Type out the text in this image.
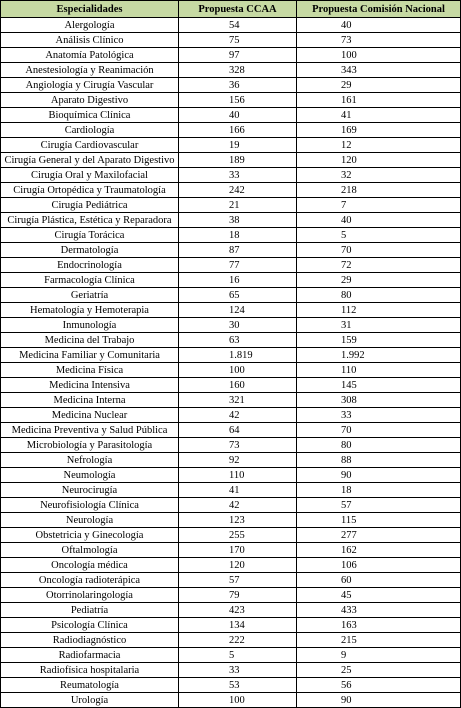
Especialidades	Propuesta CCAA	Propuesta Comisión Nacional
Alergología	54	40
Análisis Clínico	75	73
Anatomía Patológica	97	100
Anestesiología y Reanimación	328	343
Angiología y Cirugía Vascular	36	29
Aparato Digestivo	156	161
Bioquímica Clínica	40	41
Cardiología	166	169
Cirugía Cardiovascular	19	12
Cirugía General y del Aparato Digestivo	189	120
Cirugía Oral y Maxilofacial	33	32
Cirugía Ortopédica y Traumatología	242	218
Cirugía Pediátrica	21	7
Cirugía Plástica, Estética y Reparadora	38	40
Cirugía Torácica	18	5
Dermatología	87	70
Endocrinología	77	72
Farmacología Clínica	16	29
Geriatría	65	80
Hematología y Hemoterapia	124	112
Inmunología	30	31
Medicina del Trabajo	63	159
Medicina Familiar y Comunitaria	1.819	1.992
Medicina Física	100	110
Medicina Intensiva	160	145
Medicina Interna	321	308
Medicina Nuclear	42	33
Medicina Preventiva y Salud Pública	64	70
Microbiología y Parasitología	73	80
Nefrología	92	88
Neumología	110	90
Neurocirugía	41	18
Neurofisiología Clínica	42	57
Neurología	123	115
Obstetricia y Ginecología	255	277
Oftalmología	170	162
Oncología médica	120	106
Oncología radioterápica	57	60
Otorrinolaringología	79	45
Pediatría	423	433
Psicología Clínica	134	163
Radiodiagnóstico	222	215
Radiofarmacia	5	9
Radiofísica hospitalaria	33	25
Reumatología	53	56
Urología	100	90
